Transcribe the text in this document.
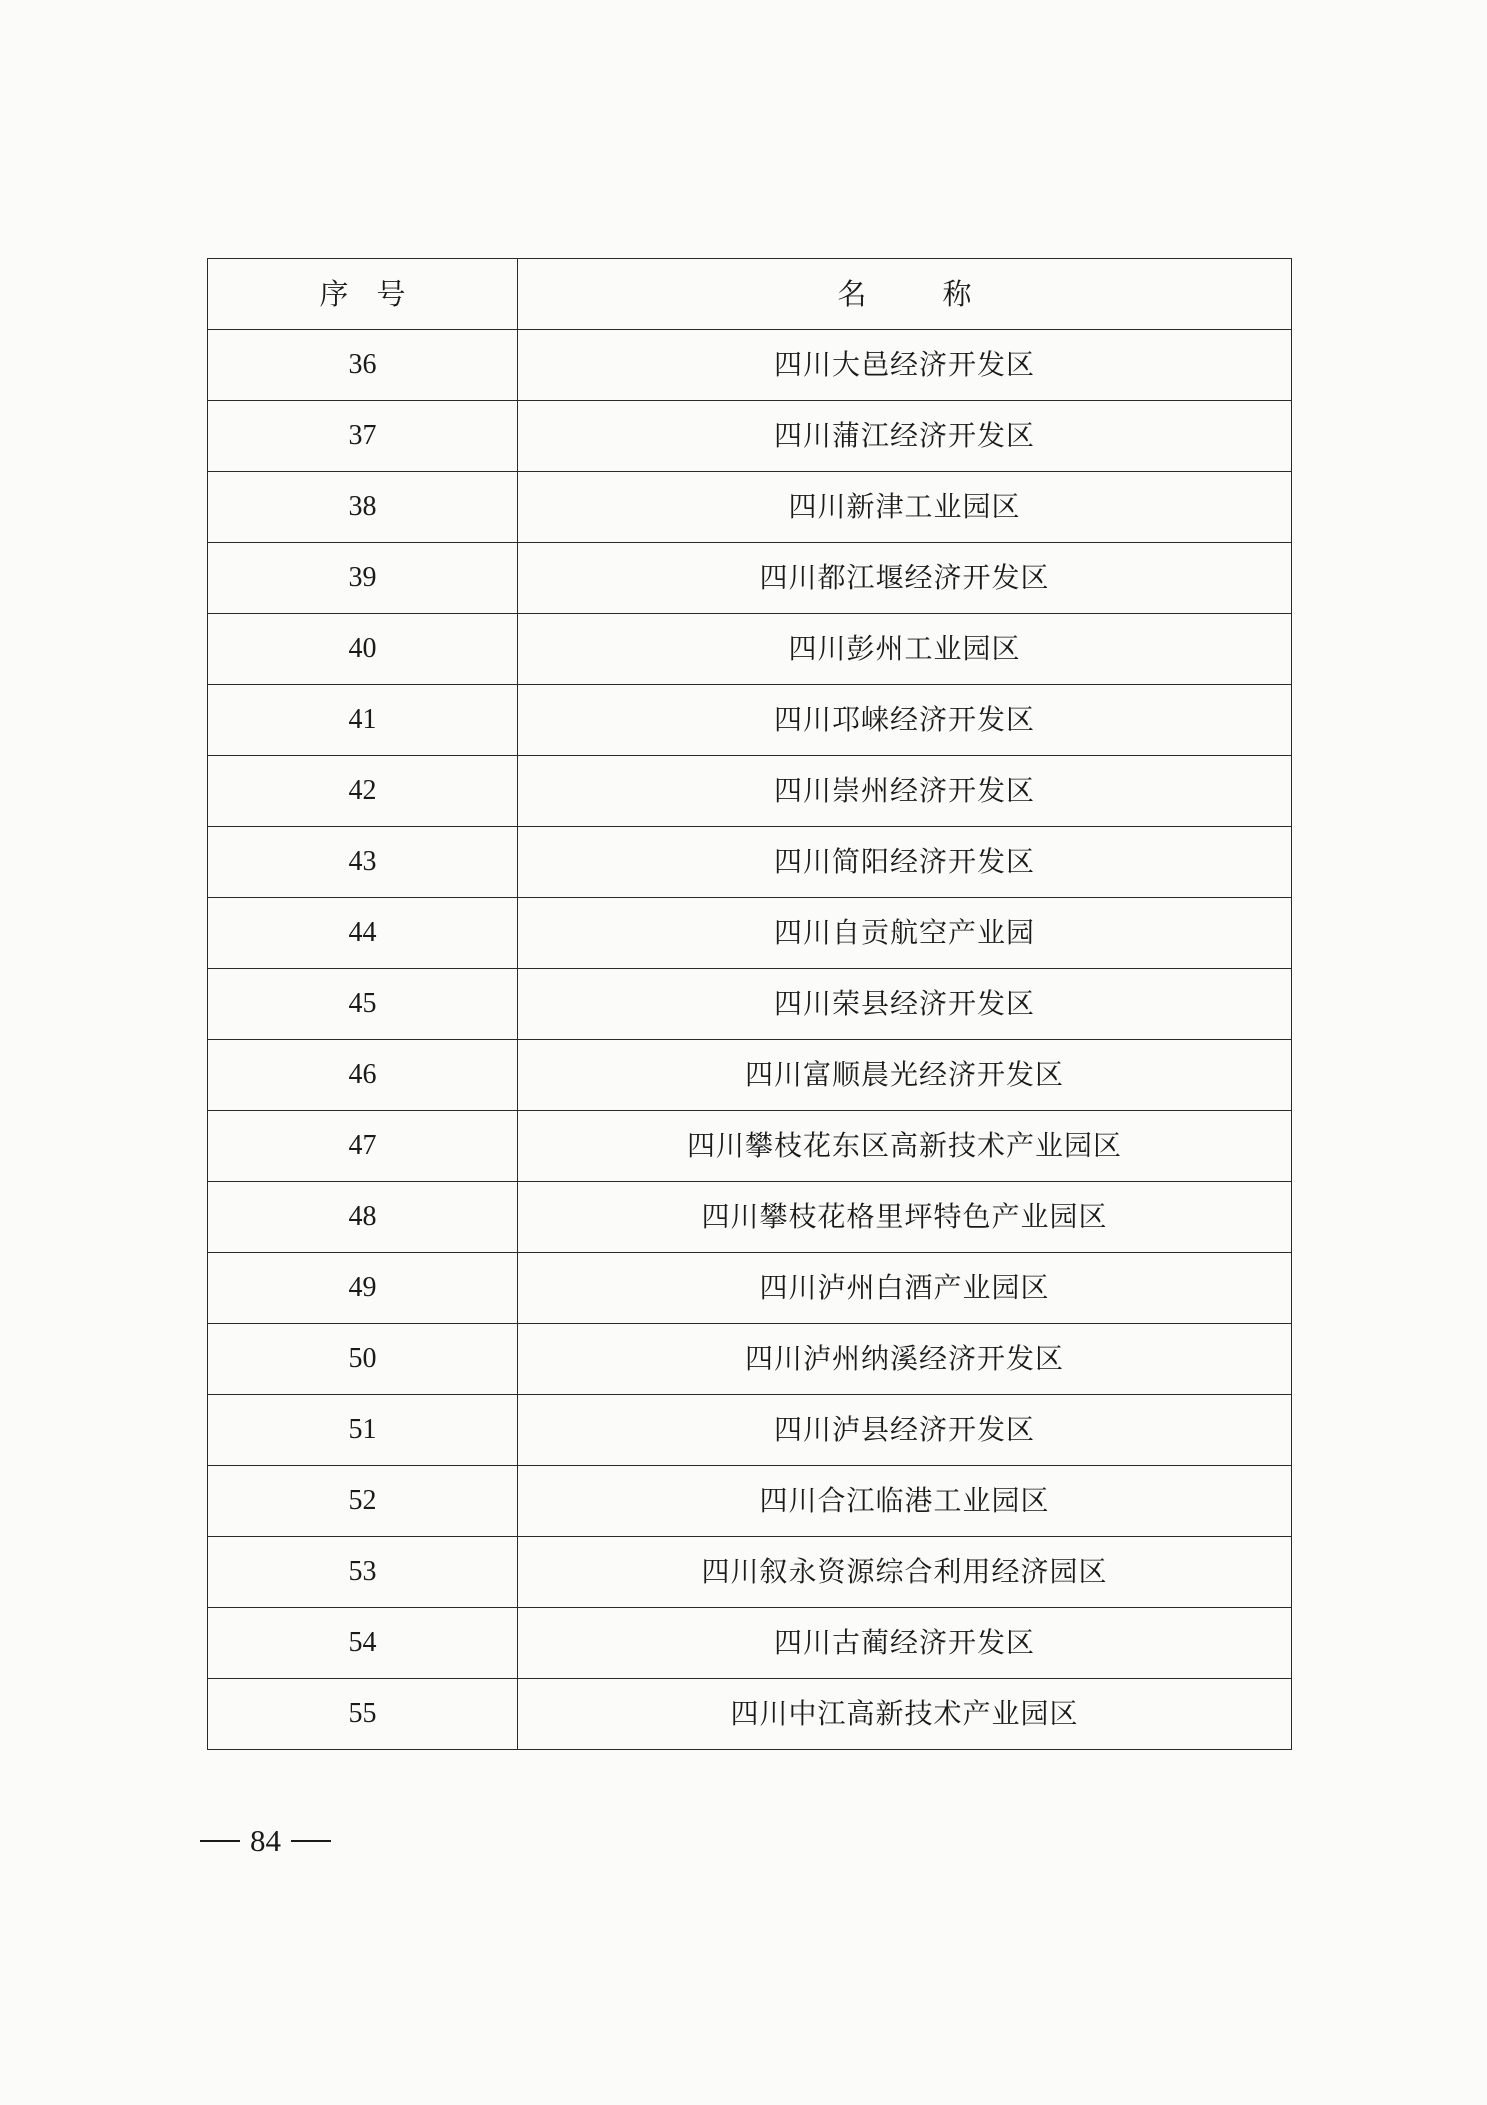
序号	名称
36	四川大邑经济开发区
37	四川蒲江经济开发区
38	四川新津工业园区
39	四川都江堰经济开发区
40	四川彭州工业园区
41	四川邛崃经济开发区
42	四川崇州经济开发区
43	四川简阳经济开发区
44	四川自贡航空产业园
45	四川荣县经济开发区
46	四川富顺晨光经济开发区
47	四川攀枝花东区高新技术产业园区
48	四川攀枝花格里坪特色产业园区
49	四川泸州白酒产业园区
50	四川泸州纳溪经济开发区
51	四川泸县经济开发区
52	四川合江临港工业园区
53	四川叙永资源综合利用经济园区
54	四川古蔺经济开发区
55	四川中江高新技术产业园区
84
